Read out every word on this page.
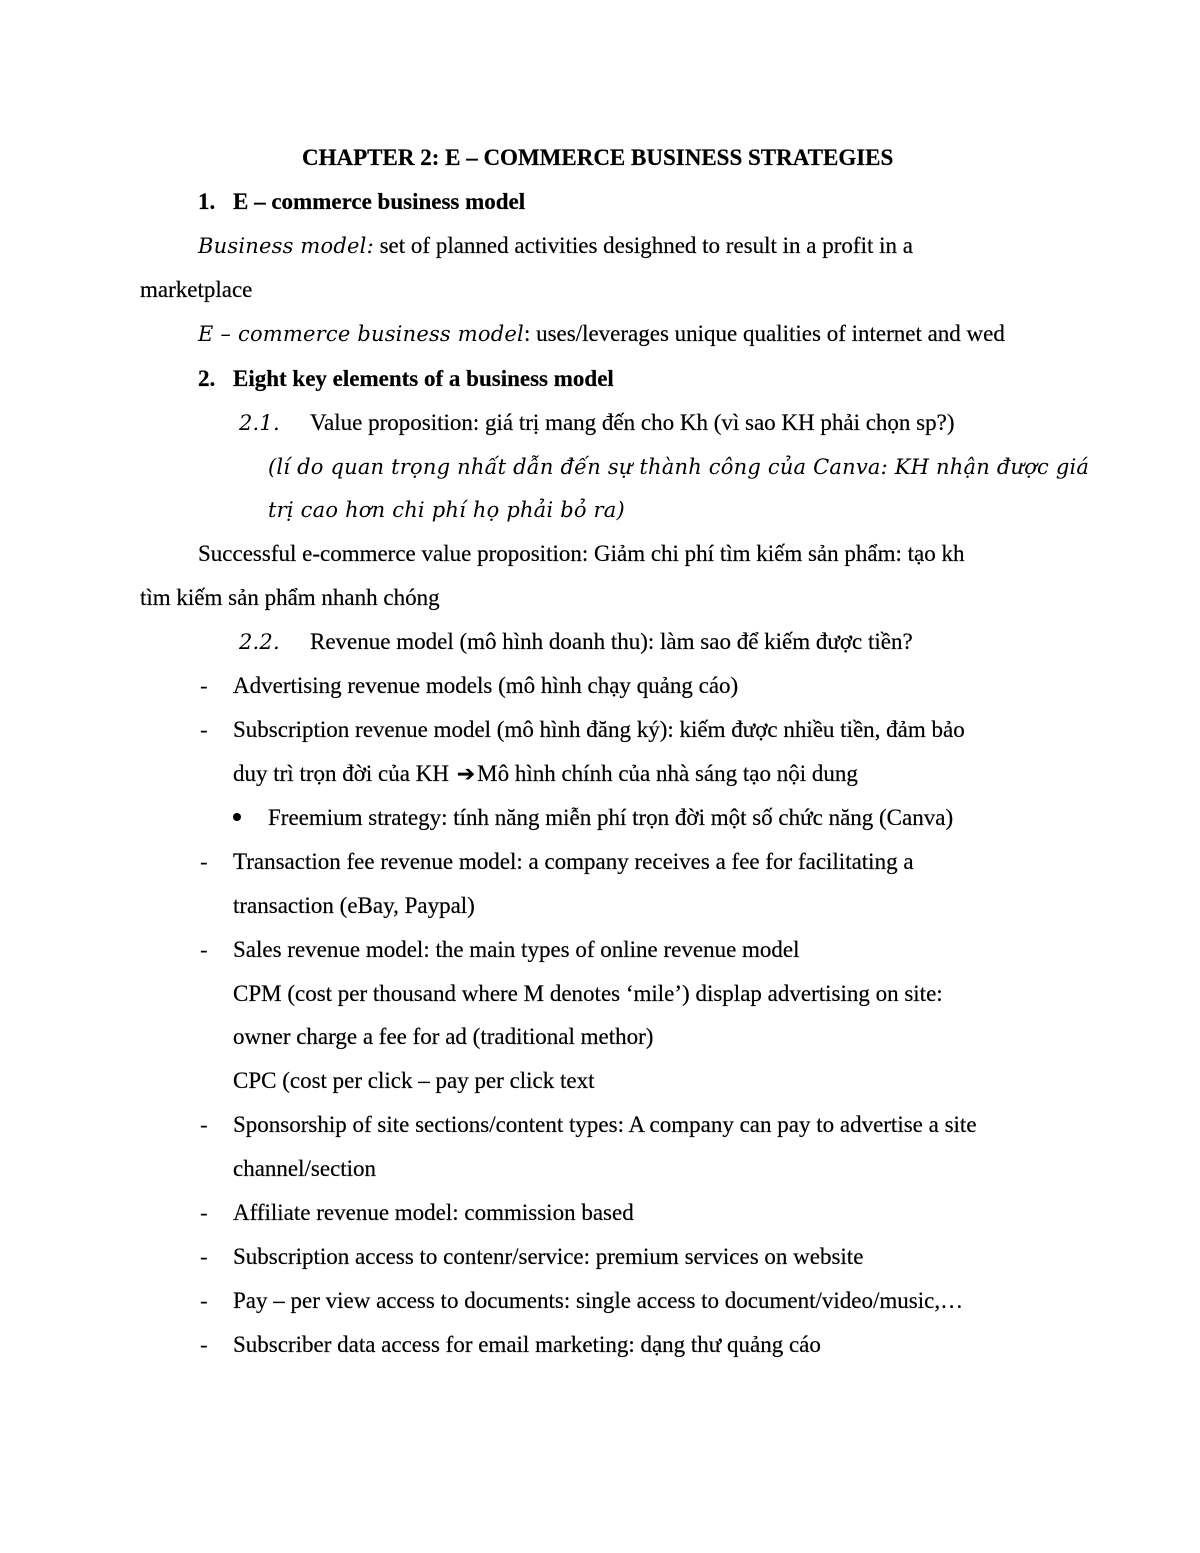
CHAPTER 2: E – COMMERCE BUSINESS STRATEGIES
1. E – commerce business model
Business model: set of planned activities desighned to result in a profit in a
marketplace
E – commerce business model: uses/leverages unique qualities of internet and wed
2. Eight key elements of a business model
2.1. Value proposition: giá trị mang đến cho Kh (vì sao KH phải chọn sp?)
(lí do quan trọng nhất dẫn đến sự thành công của Canva: KH nhận được giá
trị cao hơn chi phí họ phải bỏ ra)
Successful e-commerce value proposition: Giảm chi phí tìm kiếm sản phẩm: tạo kh
tìm kiếm sản phẩm nhanh chóng
2.2. Revenue model (mô hình doanh thu): làm sao để kiếm được tiền?
- Advertising revenue models (mô hình chạy quảng cáo)
- Subscription revenue model (mô hình đăng ký): kiếm được nhiều tiền, đảm bảo
duy trì trọn đời của KH ➔Mô hình chính của nhà sáng tạo nội dung
Freemium strategy: tính năng miễn phí trọn đời một số chức năng (Canva)
- Transaction fee revenue model: a company receives a fee for facilitating a
transaction (eBay, Paypal)
- Sales revenue model: the main types of online revenue model
CPM (cost per thousand where M denotes ‘mile’) displap advertising on site:
owner charge a fee for ad (traditional methor)
CPC (cost per click – pay per click text
- Sponsorship of site sections/content types: A company can pay to advertise a site
channel/section
- Affiliate revenue model: commission based
- Subscription access to contenr/service: premium services on website
- Pay – per view access to documents: single access to document/video/music,…
- Subscriber data access for email marketing: dạng thư quảng cáo
